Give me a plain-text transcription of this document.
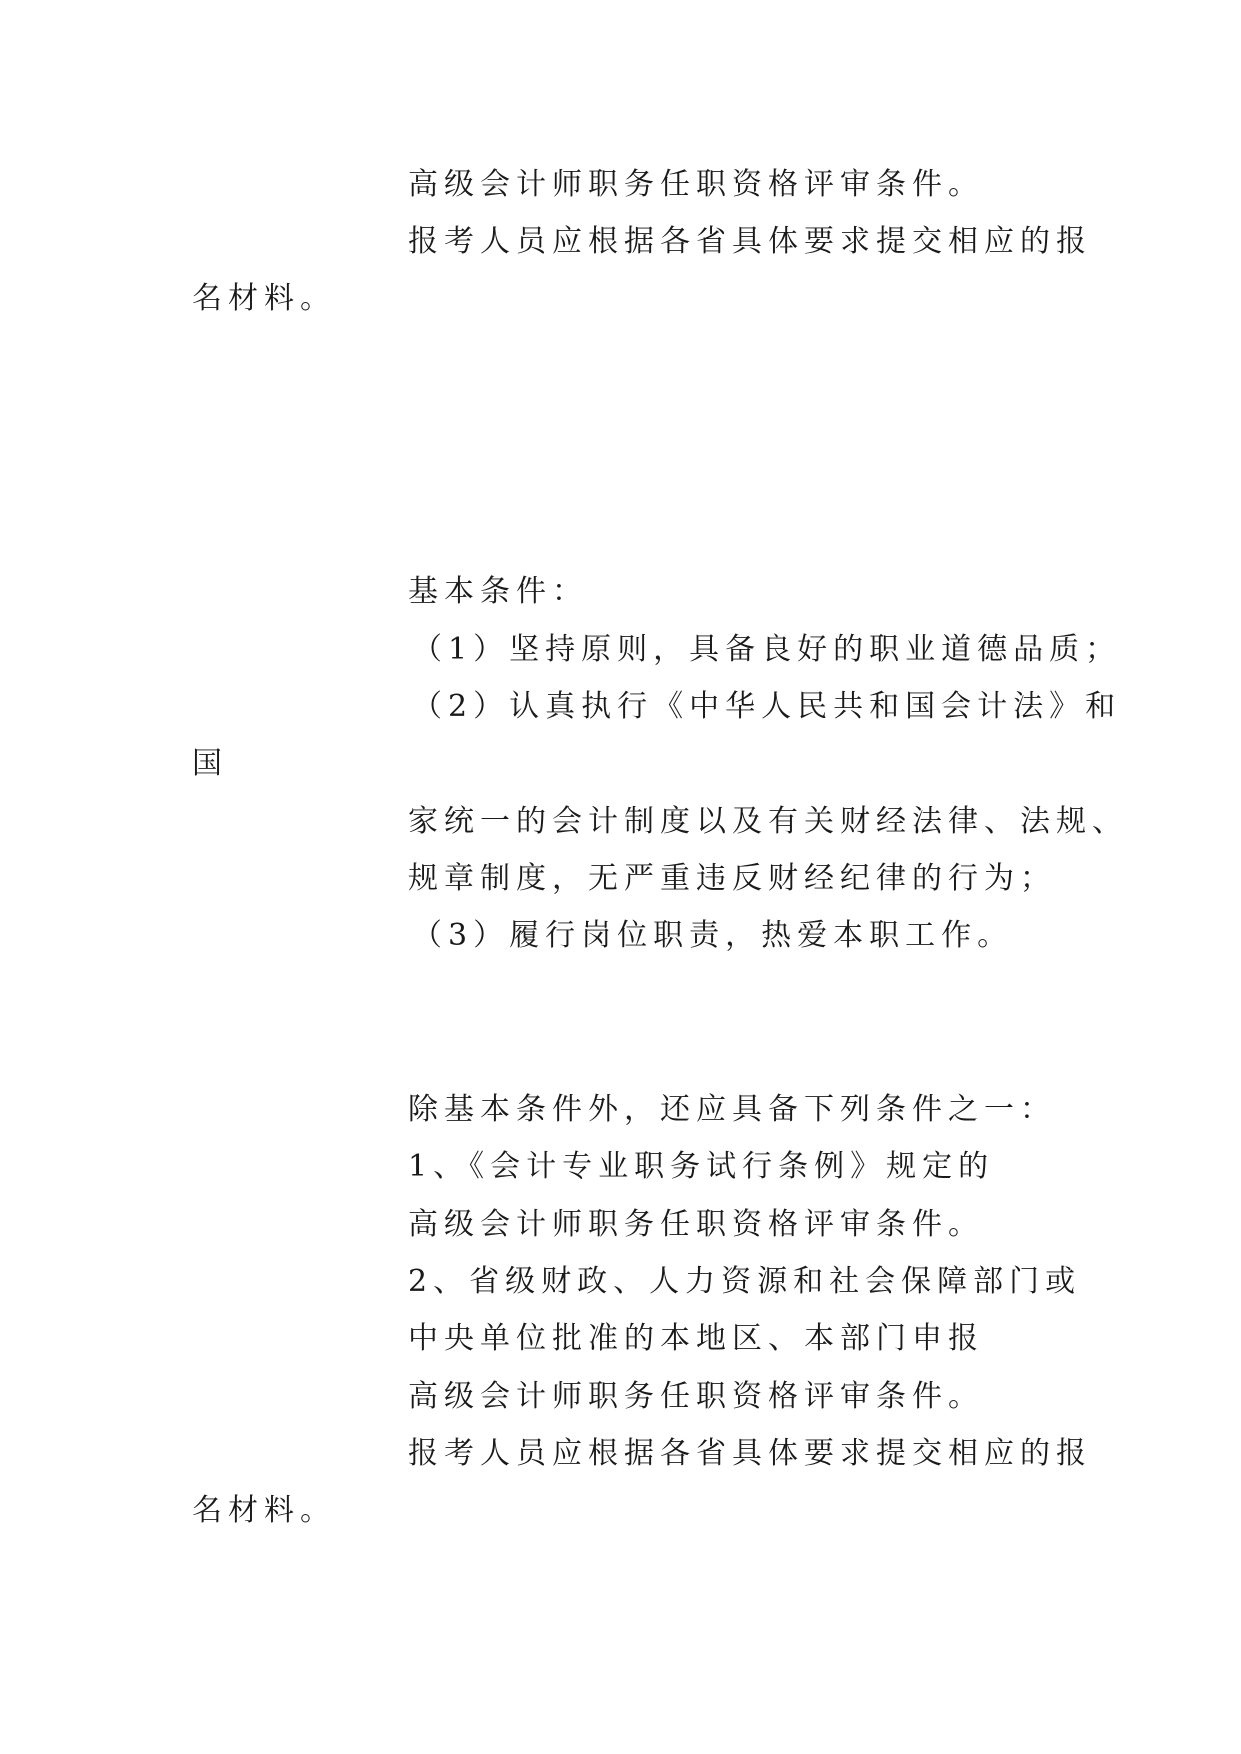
高级会计师职务任职资格评审条件。
报考人员应根据各省具体要求提交相应的报
名材料。
基本条件：
（1）坚持原则，具备良好的职业道德品质；
（2）认真执行《中华人民共和国会计法》和
国
家统一的会计制度以及有关财经法律、法规、
规章制度，无严重违反财经纪律的行为；
（3）履行岗位职责，热爱本职工作。
除基本条件外，还应具备下列条件之一：
1、《会计专业职务试行条例》规定的
高级会计师职务任职资格评审条件。
2、省级财政、人力资源和社会保障部门或
中央单位批准的本地区、本部门申报
高级会计师职务任职资格评审条件。
报考人员应根据各省具体要求提交相应的报
名材料。
